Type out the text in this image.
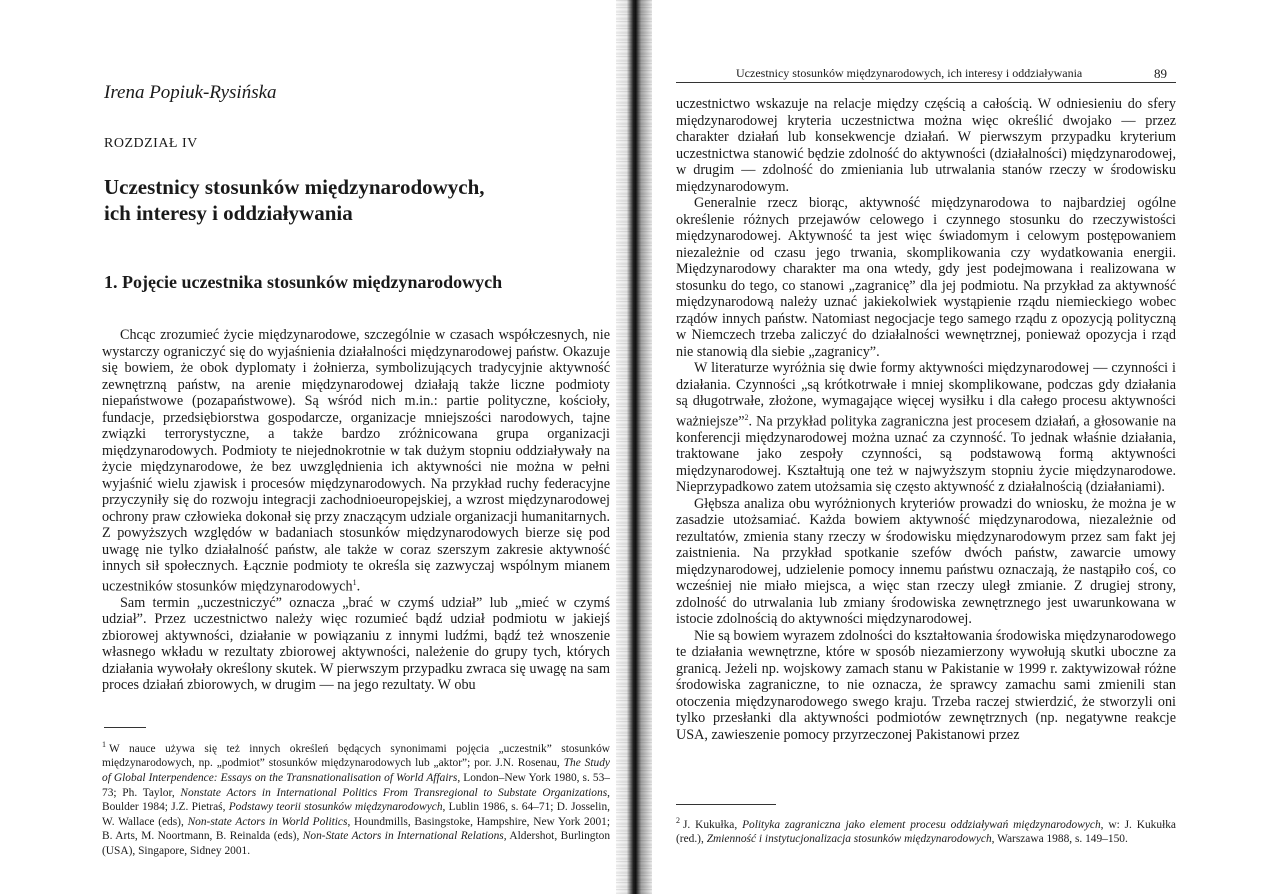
Irena Popiuk-Rysińska
ROZDZIAŁ IV
Uczestnicy stosunków międzynarodowych,
ich interesy i oddziaływania
1. Pojęcie uczestnika stosunków międzynarodowych

Chcąc zrozumieć życie międzynarodowe, szczególnie w czasach współczesnych, nie wystarczy ograniczyć się do wyjaśnienia działalności międzynarodowej państw. Okazuje się bowiem, że obok dyplomaty i żołnierza, symbolizujących tradycyjnie aktywność zewnętrzną państw, na arenie międzynarodowej działają także liczne podmioty niepaństwowe (pozapaństwowe). Są wśród nich m.in.: partie polityczne, kościoły, fundacje, przedsiębiorstwa gospodarcze, organizacje mniejszości narodowych, tajne związki terrorystyczne, a także bardzo zróżnicowana grupa organizacji międzynarodowych. Podmioty te niejednokrotnie w tak dużym stopniu oddziaływały na życie międzynarodowe, że bez uwzględnienia ich aktywności nie można w pełni wyjaśnić wielu zjawisk i procesów międzynarodowych. Na przykład ruchy federacyjne przyczyniły się do rozwoju integracji zachodnioeuropejskiej, a wzrost międzynarodowej ochrony praw człowieka dokonał się przy znaczącym udziale organizacji humanitarnych. Z powyższych względów w badaniach stosunków międzynarodowych bierze się pod uwagę nie tylko działalność państw, ale także w coraz szerszym zakresie aktywność innych sił społecznych. Łącznie podmioty te określa się zazwyczaj wspólnym mianem uczestników stosunków międzynarodowych$^1$.

Sam termin „uczestniczyć” oznacza „brać w czymś udział” lub „mieć w czymś udział”. Przez uczestnictwo należy więc rozumieć bądź udział podmiotu w jakiejś zbiorowej aktywności, działanie w powiązaniu z innymi ludźmi, bądź też wnoszenie własnego wkładu w rezultaty zbiorowej aktywności, należenie do grupy tych, których działania wywołały określony skutek. W pierwszym przypadku zwraca się uwagę na sam proces działań zbiorowych, w drugim — na jego rezultaty. W obu

$^1$ W nauce używa się też innych określeń będących synonimami pojęcia „uczestnik” stosunków międzynarodowych, np. „podmiot” stosunków międzynarodowych lub „aktor”; por. J.N. Rosenau, The Study of Global Interpendence: Essays on the Transnationalisation of World Affairs, London–New York 1980, s. 53–73; Ph. Taylor, Nonstate Actors in International Politics From Transregional to Substate Organizations, Boulder 1984; J.Z. Pietraś, Podstawy teorii stosunków międzynarodowych, Lublin 1986, s. 64–71; D. Josselin, W. Wallace (eds), Non-state Actors in World Politics, Houndmills, Basingstoke, Hampshire, New York 2001; B. Arts, M. Noortmann, B. Reinalda (eds), Non-State Actors in International Relations, Aldershot, Burlington (USA), Singapore, Sidney 2001.
Uczestnicy stosunków międzynarodowych, ich interesy i oddziaływania	89

uczestnictwo wskazuje na relacje między częścią a całością. W odniesieniu do sfery międzynarodowej kryteria uczestnictwa można więc określić dwojako — przez charakter działań lub konsekwencje działań. W pierwszym przypadku kryterium uczestnictwa stanowić będzie zdolność do aktywności (działalności) międzynarodowej, w drugim — zdolność do zmieniania lub utrwalania stanów rzeczy w środowisku międzynarodowym.

Generalnie rzecz biorąc, aktywność międzynarodowa to najbardziej ogólne określenie różnych przejawów celowego i czynnego stosunku do rzeczywistości międzynarodowej. Aktywność ta jest więc świadomym i celowym postępowaniem niezależnie od czasu jego trwania, skomplikowania czy wydatkowania energii. Międzynarodowy charakter ma ona wtedy, gdy jest podejmowana i realizowana w stosunku do tego, co stanowi „zagranicę” dla jej podmiotu. Na przykład za aktywność międzynarodową należy uznać jakiekolwiek wystąpienie rządu niemieckiego wobec rządów innych państw. Natomiast negocjacje tego samego rządu z opozycją polityczną w Niemczech trzeba zaliczyć do działalności wewnętrznej, ponieważ opozycja i rząd nie stanowią dla siebie „zagranicy”.

W literaturze wyróżnia się dwie formy aktywności międzynarodowej — czynności i działania. Czynności „są krótkotrwałe i mniej skomplikowane, podczas gdy działania są długotrwałe, złożone, wymagające więcej wysiłku i dla całego procesu aktywności ważniejsze”$^2$. Na przykład polityka zagraniczna jest procesem działań, a głosowanie na konferencji międzynarodowej można uznać za czynność. To jednak właśnie działania, traktowane jako zespoły czynności, są podstawową formą aktywności międzynarodowej. Kształtują one też w najwyższym stopniu życie międzynarodowe. Nieprzypadkowo zatem utożsamia się często aktywność z działalnością (działaniami).

Głębsza analiza obu wyróżnionych kryteriów prowadzi do wniosku, że można je w zasadzie utożsamiać. Każda bowiem aktywność międzynarodowa, niezależnie od rezultatów, zmienia stany rzeczy w środowisku międzynarodowym przez sam fakt jej zaistnienia. Na przykład spotkanie szefów dwóch państw, zawarcie umowy międzynarodowej, udzielenie pomocy innemu państwu oznaczają, że nastąpiło coś, co wcześniej nie miało miejsca, a więc stan rzeczy uległ zmianie. Z drugiej strony, zdolność do utrwalania lub zmiany środowiska zewnętrznego jest uwarunkowana w istocie zdolnością do aktywności międzynarodowej.

Nie są bowiem wyrazem zdolności do kształtowania środowiska międzynarodowego te działania wewnętrzne, które w sposób niezamierzony wywołują skutki uboczne za granicą. Jeżeli np. wojskowy zamach stanu w Pakistanie w 1999 r. zaktywizował różne środowiska zagraniczne, to nie oznacza, że sprawcy zamachu sami zmienili stan otoczenia międzynarodowego swego kraju. Trzeba raczej stwierdzić, że stworzyli oni tylko przesłanki dla aktywności podmiotów zewnętrznych (np. negatywne reakcje USA, zawieszenie pomocy przyrzeczonej Pakistanowi przez

$^2$ J. Kukułka, Polityka zagraniczna jako element procesu oddziaływań międzynarodowych, w: J. Kukułka (red.), Zmienność i instytucjonalizacja stosunków międzynarodowych, Warszawa 1988, s. 149–150.
